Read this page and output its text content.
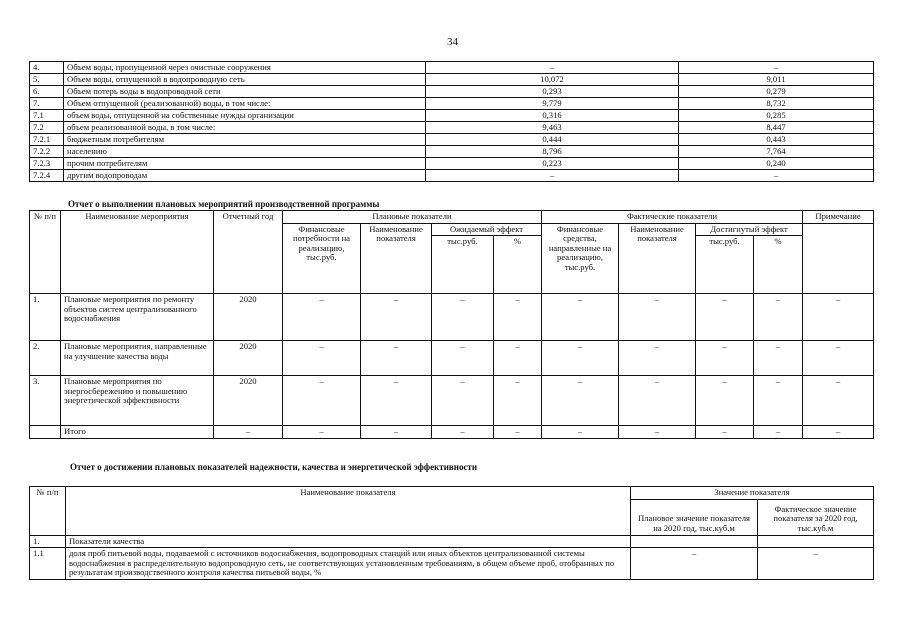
34
4.	Объем воды, пропущенной через очистные сооружения	–	–
5.	Объем воды, отпущенной в водопроводную сеть	10,072	9,011
6.	Объем потерь воды в водопроводной сети	0,293	0,279
7.	Объем отпущенной (реализованной) воды, в том числе:	9,779	8,732
7.1	объем воды, отпущенной на собственные нужды организации	0,316	0,285
7.2	объем реализованной воды, в том числе:	9,463	8,447
7.2.1	бюджетным потребителям	0,444	0,443
7.2.2	населению	8,796	7,764
7.2.3	прочим потребителям	0,223	0,240
7.2.4	другим водопроводам	–	–
Отчет о выполнении плановых мероприятий производственной программы
№ п/п	Наименование мероприятия	Отчетный год	Плановые показатели				Фактические показатели				Примечание
			Финансовые потребности на реализацию, тыс.руб.	Наименование показателя	Ожидаемый эффект		Финансовые средства, направленные на реализацию, тыс.руб.	Наименование показателя	Достигнутый эффект		
					тыс.руб.	%			тыс.руб.	%	
1.	Плановые мероприятия по ремонту объектов систем централизованного водоснабжения	2020	–	–	–	–	–	–	–	–	–
2.	Плановые мероприятия, направленные на улучшение качества воды	2020	–	–	–	–	–	–	–	–	–
3.	Плановые мероприятия по энергосбережению и повышению энергетической эффективности	2020	–	–	–	–	–	–	–	–	–
	Итого	–	–	–	–	–	–	–	–	–	–
Отчет о достижении плановых показателей надежности, качества и энергетической эффективности
№ п/п	Наименование показателя	Значение показателя	
		Плановое значение показателя на 2020 год, тыс.куб.м	Фактическое значение показателя за 2020 год, тыс.куб.м
1.	Показатели качества		
1.1	доля проб питьевой воды, подаваемой с источников водоснабжения, водопроводных станций или иных объектов централизованной системы водоснабжения в распределительную водопроводную сеть, не соответствующих установленным требованиям, в общем объеме проб, отобранных по результатам производственного контроля качества питьевой воды, %	–	–
